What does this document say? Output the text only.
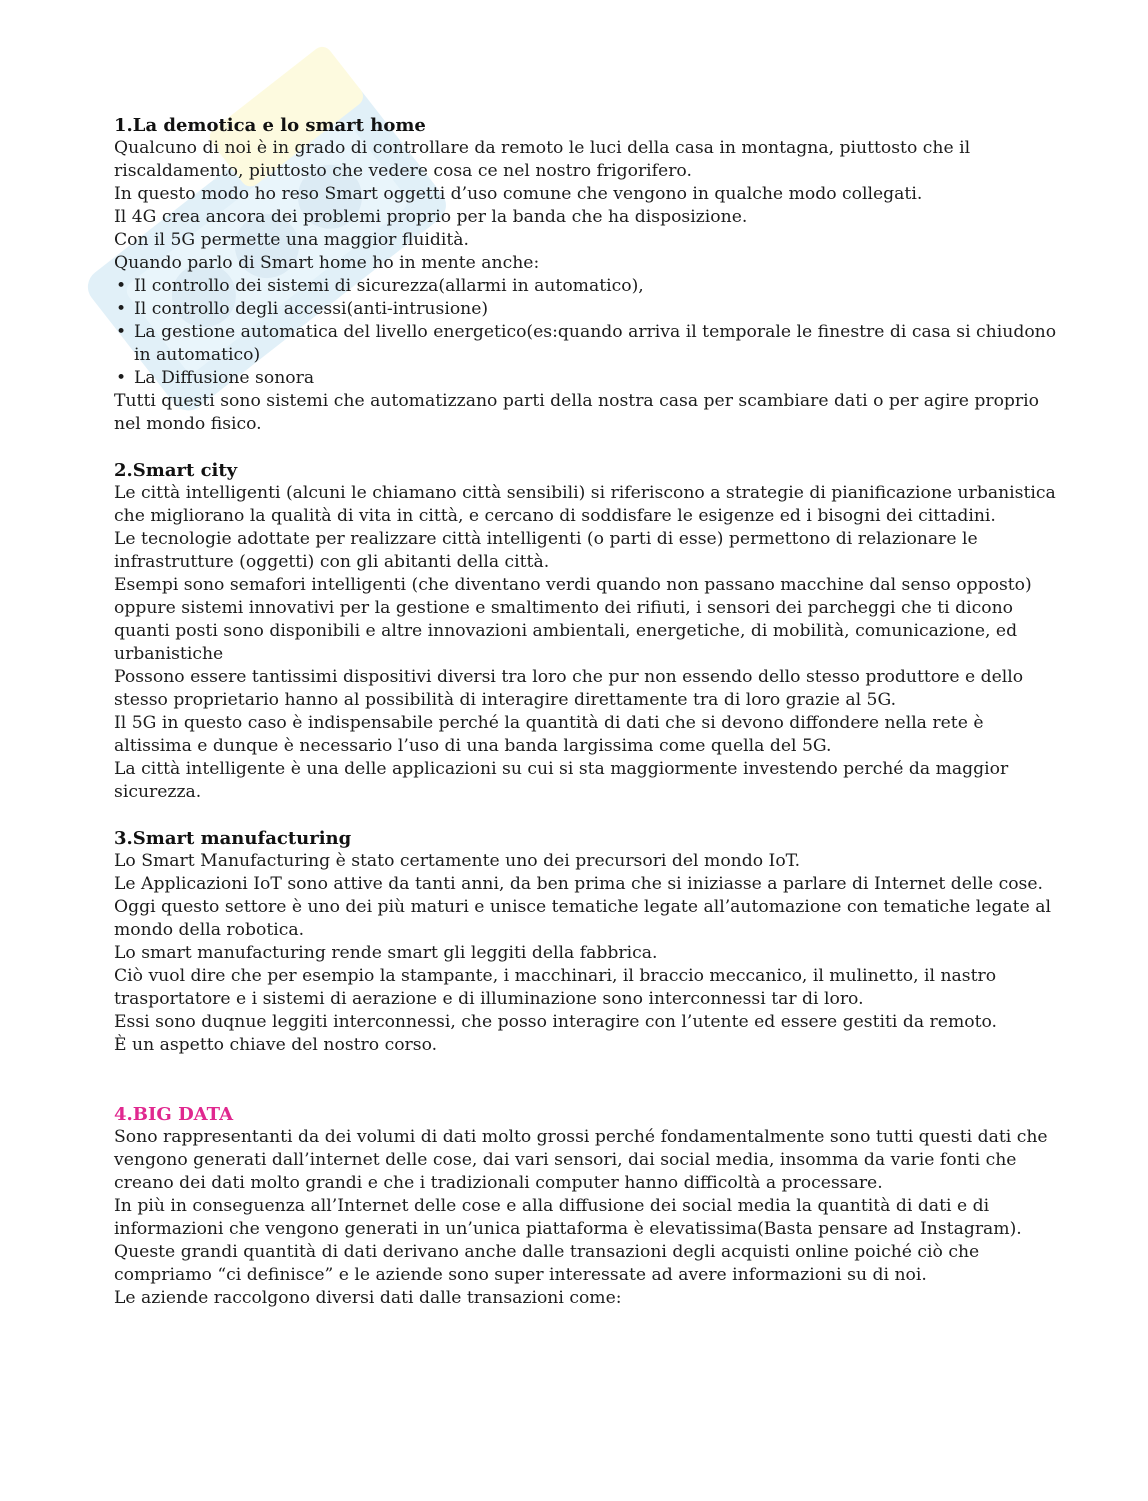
1.La demotica e lo smart home

Qualcuno di noi è in grado di controllare da remoto le luci della casa in montagna, piuttosto che il riscaldamento, piuttosto che vedere cosa ce nel nostro frigorifero.

In questo modo ho reso Smart oggetti d’uso comune che vengono in qualche modo collegati.

Il 4G crea ancora dei problemi proprio per la banda che ha disposizione.

Con il 5G permette una maggior fluidità.

Quando parlo di Smart home ho in mente anche:

• Il controllo dei sistemi di sicurezza(allarmi in automatico),
• Il controllo degli accessi(anti-intrusione)
• La gestione automatica del livello energetico(es:quando arriva il temporale le finestre di casa si chiudono in automatico)
• La Diffusione sonora

Tutti questi sono sistemi che automatizzano parti della nostra casa per scambiare dati o per agire proprio nel mondo fisico.

2.Smart city

Le città intelligenti (alcuni le chiamano città sensibili) si riferiscono a strategie di pianificazione urbanistica che migliorano la qualità di vita in città, e cercano di soddisfare le esigenze ed i bisogni dei cittadini.

Le tecnologie adottate per realizzare città intelligenti (o parti di esse) permettono di relazionare le infrastrutture (oggetti) con gli abitanti della città.

Esempi sono semafori intelligenti (che diventano verdi quando non passano macchine dal senso opposto) oppure sistemi innovativi per la gestione e smaltimento dei rifiuti, i sensori dei parcheggi che ti dicono quanti posti sono disponibili e altre innovazioni ambientali, energetiche, di mobilità, comunicazione, ed urbanistiche

Possono essere tantissimi dispositivi diversi tra loro che pur non essendo dello stesso produttore e dello stesso proprietario hanno al possibilità di interagire direttamente tra di loro grazie al 5G.

Il 5G in questo caso è indispensabile perché la quantità di dati che si devono diffondere nella rete è altissima e dunque è necessario l’uso di una banda largissima come quella del 5G.

La città intelligente è una delle applicazioni su cui si sta maggiormente investendo perché da maggior sicurezza.

3.Smart manufacturing

Lo Smart Manufacturing è stato certamente uno dei precursori del mondo IoT.

Le Applicazioni IoT sono attive da tanti anni, da ben prima che si iniziasse a parlare di Internet delle cose.

Oggi questo settore è uno dei più maturi e unisce tematiche legate all’automazione con tematiche legate al mondo della robotica.

Lo smart manufacturing rende smart gli leggiti della fabbrica.

Ciò vuol dire che per esempio la stampante, i macchinari, il braccio meccanico, il mulinetto, il nastro trasportatore e i sistemi di aerazione e di illuminazione sono interconnessi tar di loro.

Essi sono duqnue leggiti interconnessi, che posso interagire con l’utente ed essere gestiti da remoto.

È un aspetto chiave del nostro corso.

4.BIG DATA

Sono rappresentanti da dei volumi di dati molto grossi perché fondamentalmente sono tutti questi dati che vengono generati dall’internet delle cose, dai vari sensori, dai social media, insomma da varie fonti che creano dei dati molto grandi e che i tradizionali computer hanno difficoltà a processare.

In più in conseguenza all’Internet delle cose e alla diffusione dei social media la quantità di dati e di informazioni che vengono generati in un’unica piattaforma è elevatissima(Basta pensare ad Instagram).

Queste grandi quantità di dati derivano anche dalle transazioni degli acquisti online poiché ciò che compriamo “ci definisce” e le aziende sono super interessate ad avere informazioni su di noi.

Le aziende raccolgono diversi dati dalle transazioni come:
